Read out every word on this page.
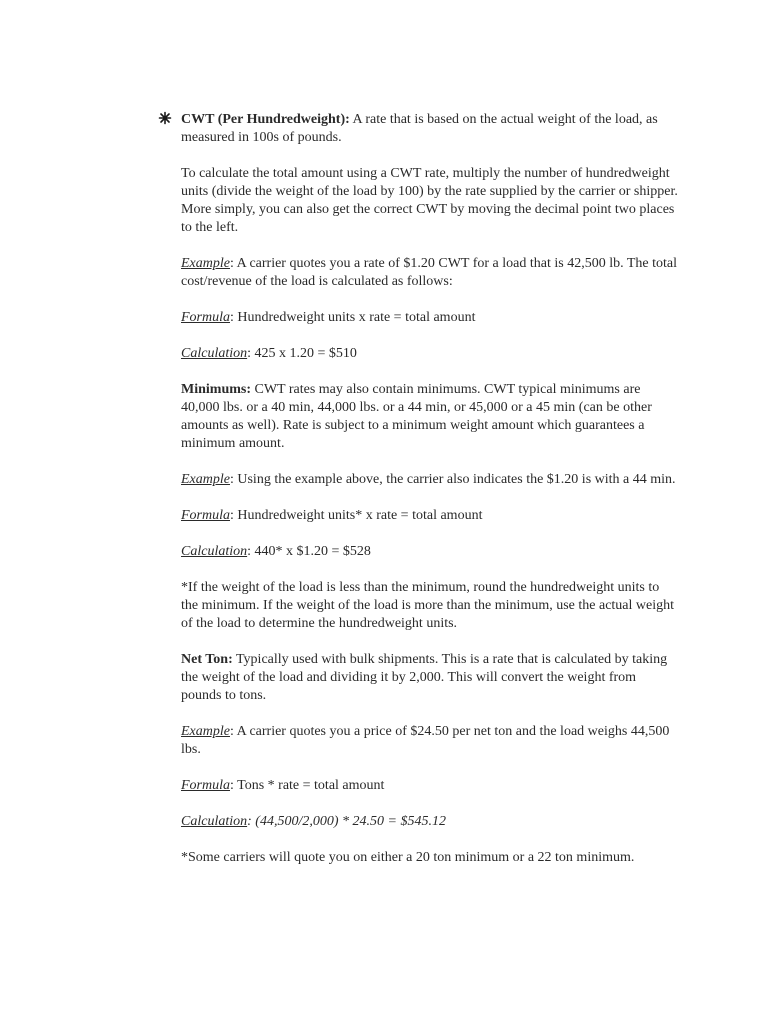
CWT (Per Hundredweight): A rate that is based on the actual weight of the load, as measured in 100s of pounds.

To calculate the total amount using a CWT rate, multiply the number of hundredweight units (divide the weight of the load by 100) by the rate supplied by the carrier or shipper. More simply, you can also get the correct CWT by moving the decimal point two places to the left.

Example: A carrier quotes you a rate of $1.20 CWT for a load that is 42,500 lb. The total cost/revenue of the load is calculated as follows:

Formula: Hundredweight units x rate = total amount

Calculation: 425 x 1.20 = $510

Minimums: CWT rates may also contain minimums. CWT typical minimums are 40,000 lbs. or a 40 min, 44,000 lbs. or a 44 min, or 45,000 or a 45 min (can be other amounts as well). Rate is subject to a minimum weight amount which guarantees a minimum amount.

Example: Using the example above, the carrier also indicates the $1.20 is with a 44 min.

Formula: Hundredweight units* x rate = total amount

Calculation: 440* x $1.20 = $528

*If the weight of the load is less than the minimum, round the hundredweight units to the minimum. If the weight of the load is more than the minimum, use the actual weight of the load to determine the hundredweight units.

Net Ton: Typically used with bulk shipments. This is a rate that is calculated by taking the weight of the load and dividing it by 2,000. This will convert the weight from pounds to tons.

Example: A carrier quotes you a price of $24.50 per net ton and the load weighs 44,500 lbs.

Formula: Tons * rate = total amount

Calculation: (44,500/2,000) * 24.50 = $545.12

*Some carriers will quote you on either a 20 ton minimum or a 22 ton minimum.
